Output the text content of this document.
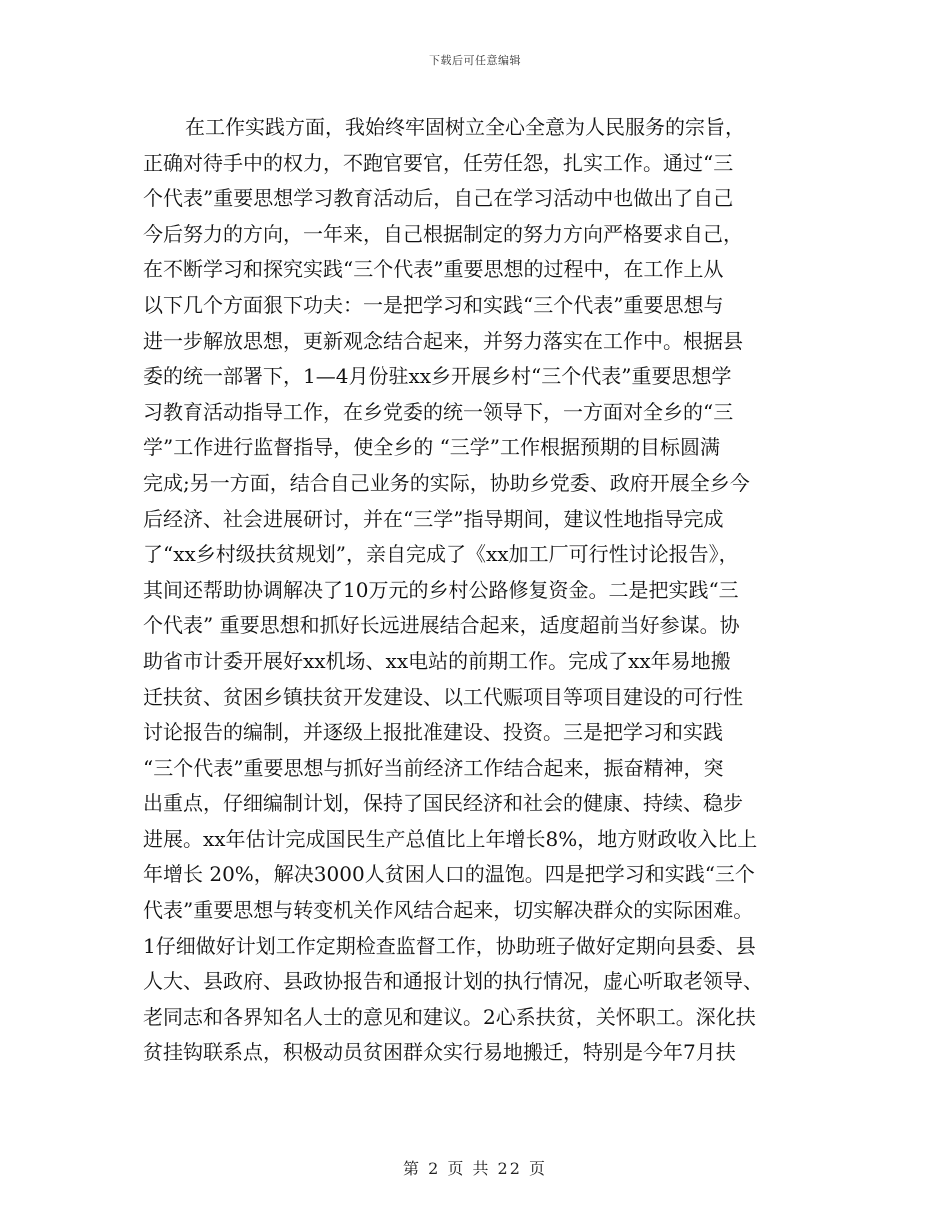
下载后可任意编辑
在工作实践方面，我始终牢固树立全心全意为人民服务的宗旨，
正确对待手中的权力，不跑官要官，任劳任怨，扎实工作。通过“三
个代表”重要思想学习教育活动后，自己在学习活动中也做出了自己
今后努力的方向，一年来，自己根据制定的努力方向严格要求自己，
在不断学习和探究实践“三个代表”重要思想的过程中，在工作上从
以下几个方面狠下功夫：一是把学习和实践“三个代表”重要思想与
进一步解放思想，更新观念结合起来，并努力落实在工作中。根据县
委的统一部署下，1—4月份驻xx乡开展乡村“三个代表”重要思想学
习教育活动指导工作，在乡党委的统一领导下，一方面对全乡的“三
学”工作进行监督指导，使全乡的 “三学”工作根据预期的目标圆满
完成;另一方面，结合自己业务的实际，协助乡党委、政府开展全乡今
后经济、社会进展研讨，并在“三学”指导期间，建议性地指导完成
了“xx乡村级扶贫规划”，亲自完成了《xx加工厂可行性讨论报告》，
其间还帮助协调解决了10万元的乡村公路修复资金。二是把实践“三
个代表” 重要思想和抓好长远进展结合起来，适度超前当好参谋。协
助省市计委开展好xx机场、xx电站的前期工作。完成了xx年易地搬
迁扶贫、贫困乡镇扶贫开发建设、以工代赈项目等项目建设的可行性
讨论报告的编制，并逐级上报批准建设、投资。三是把学习和实践
“三个代表”重要思想与抓好当前经济工作结合起来，振奋精神，突
出重点，仔细编制计划，保持了国民经济和社会的健康、持续、稳步
进展。xx年估计完成国民生产总值比上年增长8%，地方财政收入比上
年增长 20%，解决3000人贫困人口的温饱。四是把学习和实践“三个
代表”重要思想与转变机关作风结合起来，切实解决群众的实际困难。
1仔细做好计划工作定期检查监督工作，协助班子做好定期向县委、县
人大、县政府、县政协报告和通报计划的执行情况，虚心听取老领导、
老同志和各界知名人士的意见和建议。2心系扶贫，关怀职工。深化扶
贫挂钩联系点，积极动员贫困群众实行易地搬迁，特别是今年7月扶
第 2 页 共 22 页
